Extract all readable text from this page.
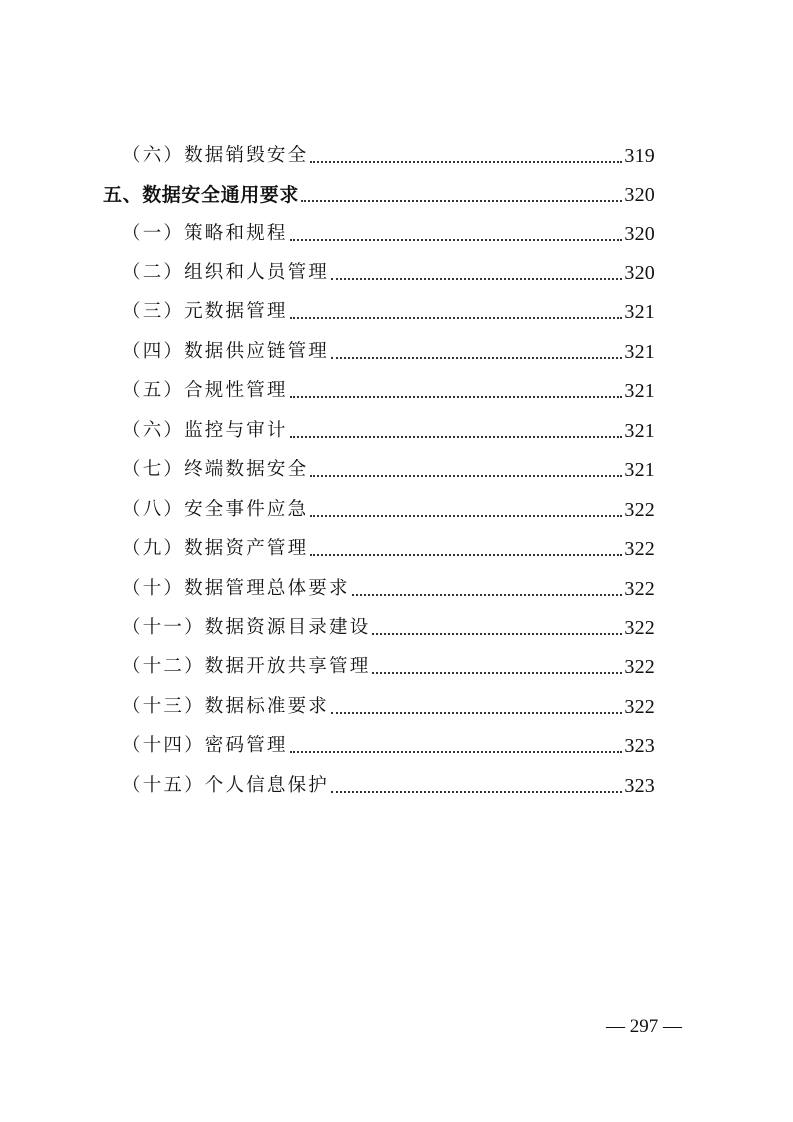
（六）数据销毁安全	319
五、数据安全通用要求	320
（一）策略和规程	320
（二）组织和人员管理	320
（三）元数据管理	321
（四）数据供应链管理	321
（五）合规性管理	321
（六）监控与审计	321
（七）终端数据安全	321
（八）安全事件应急	322
（九）数据资产管理	322
（十）数据管理总体要求	322
（十一）数据资源目录建设	322
（十二）数据开放共享管理	322
（十三）数据标准要求	322
（十四）密码管理	323
（十五）个人信息保护	323
— 297 —
